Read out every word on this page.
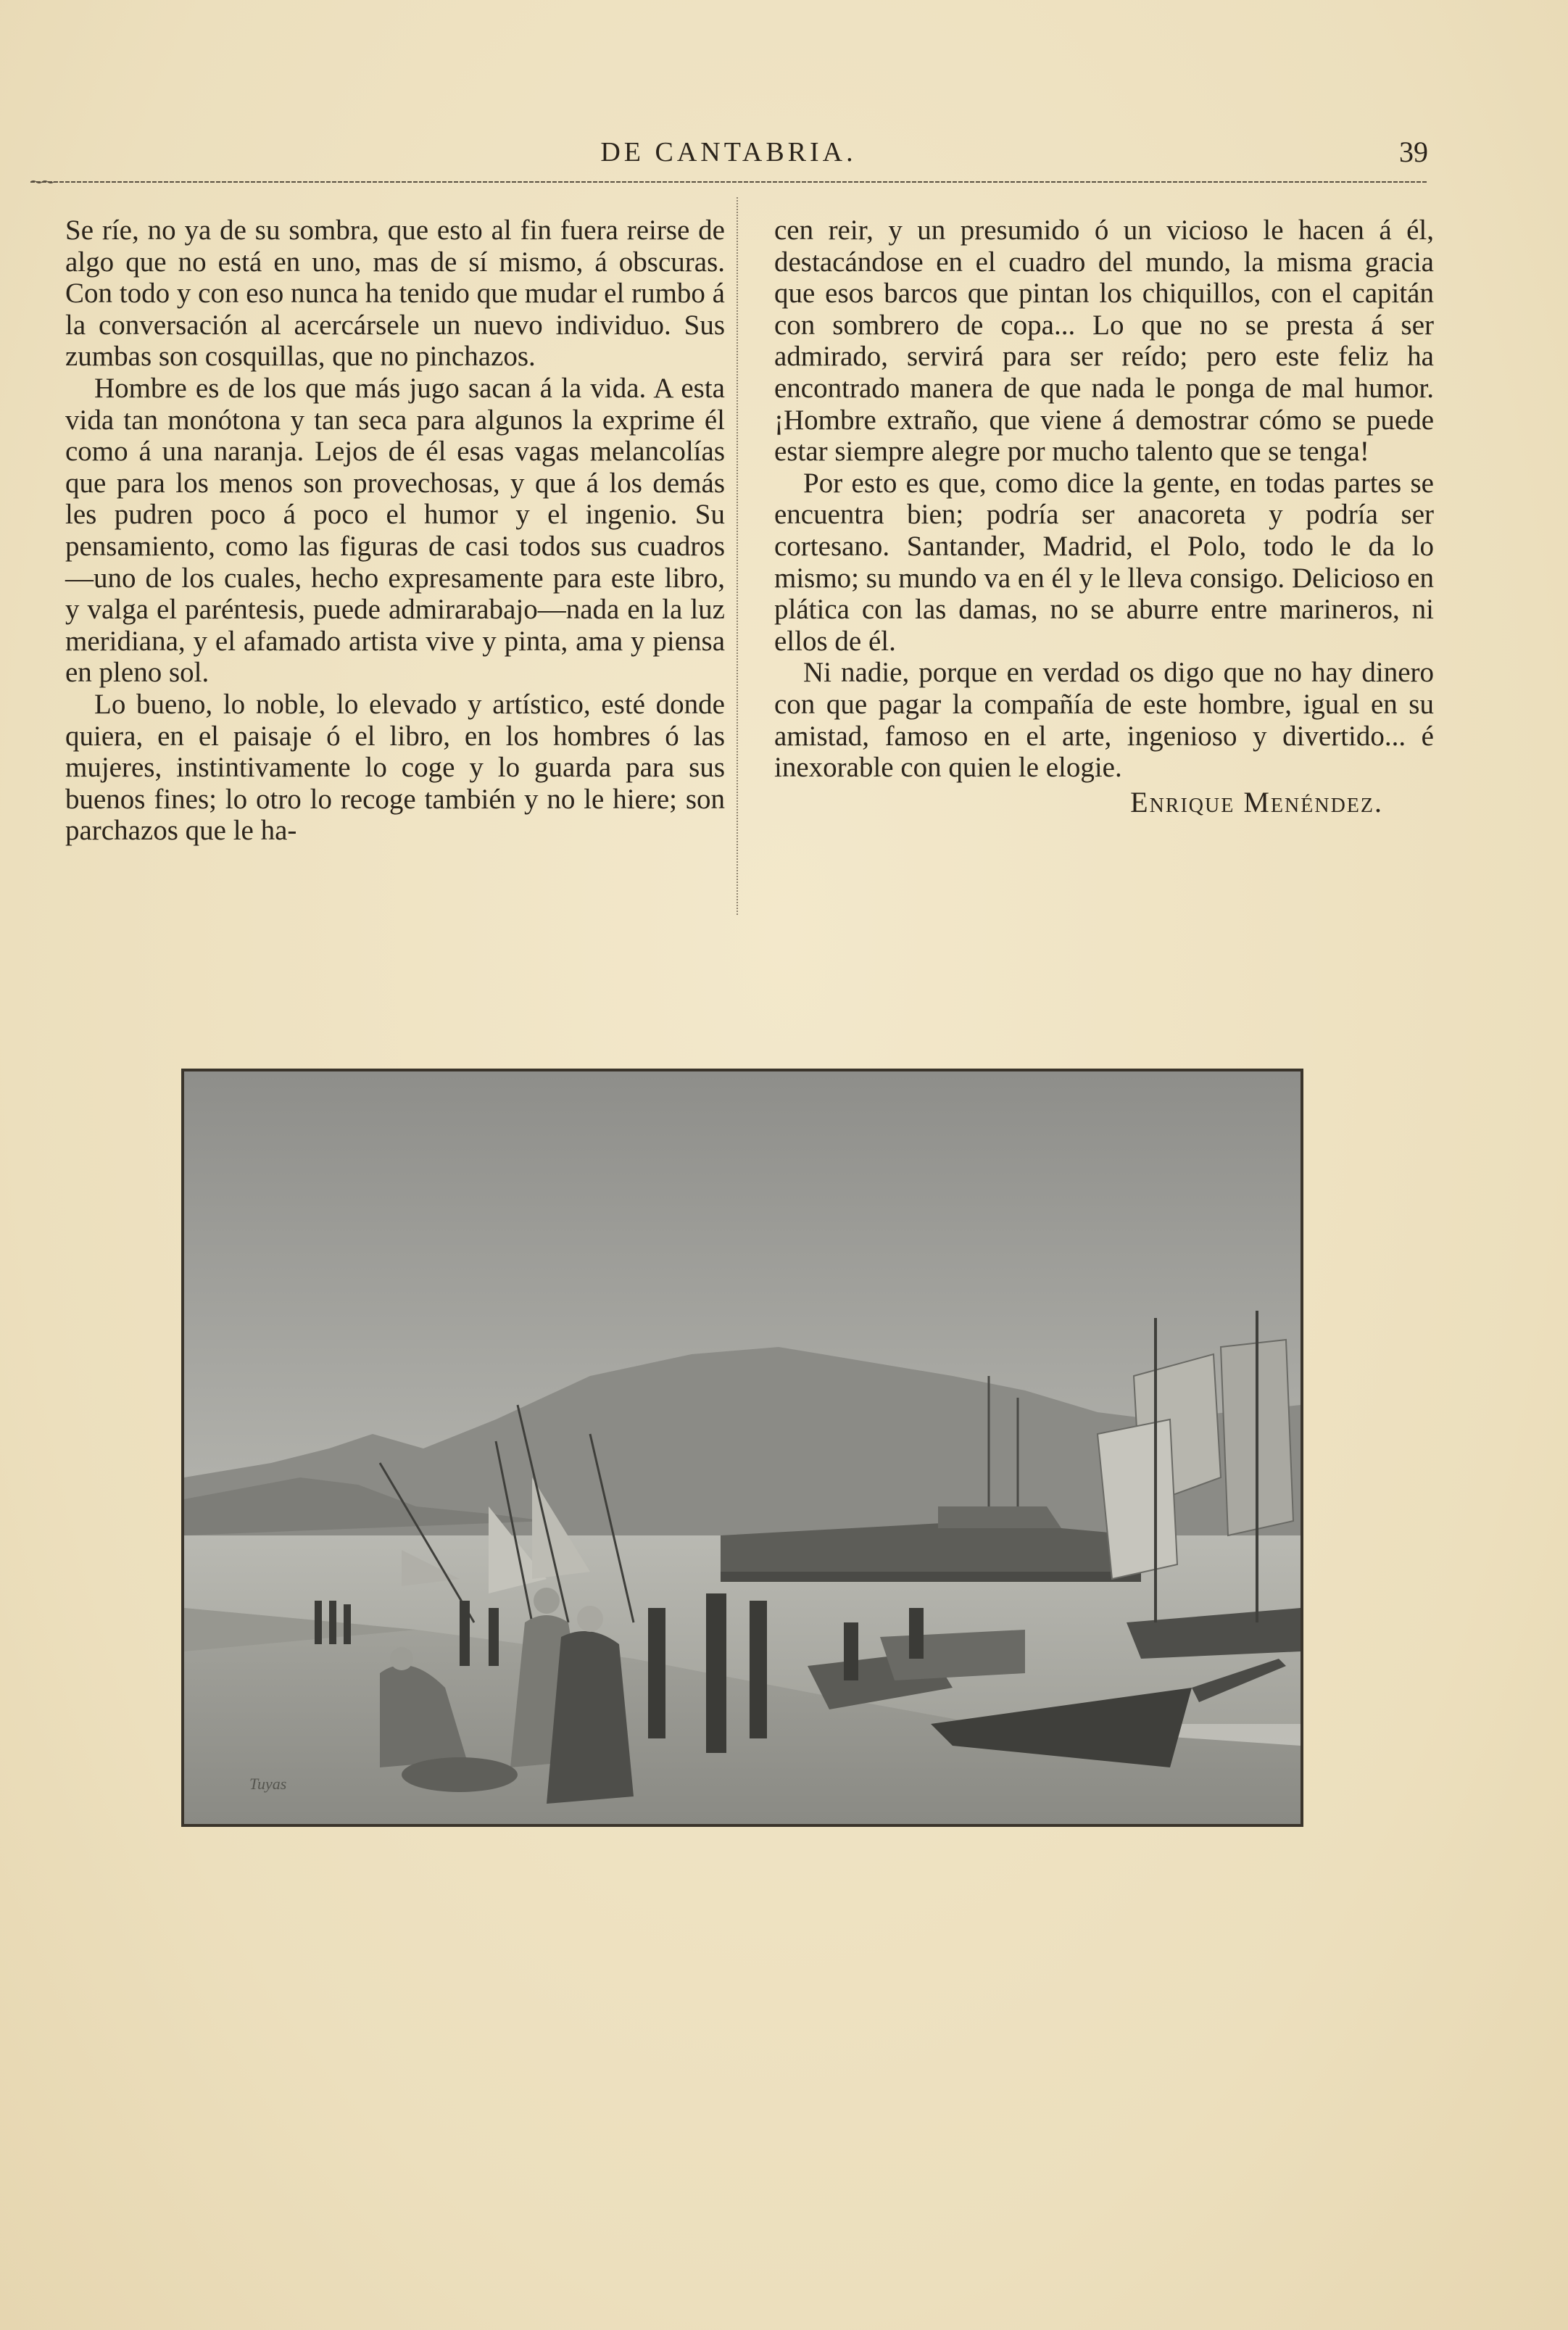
DE CANTABRIA.	39

Se ríe, no ya de su sombra, que esto al fin fuera reirse de algo que no está en uno, mas de sí mismo, á obscuras. Con todo y con eso nunca ha tenido que mudar el rumbo á la conversación al acercársele un nuevo individuo. Sus zumbas son cosquillas, que no pinchazos.

Hombre es de los que más jugo sacan á la vida. A esta vida tan monótona y tan seca para algunos la exprime él como á una naranja. Lejos de él esas vagas melancolías que para los menos son provechosas, y que á los demás les pudren poco á poco el humor y el ingenio. Su pensamiento, como las figuras de casi todos sus cuadros—uno de los cuales, hecho expresamente para este libro, y valga el paréntesis, puede admirarabajo—nada en la luz meridiana, y el afamado artista vive y pinta, ama y piensa en pleno sol.

Lo bueno, lo noble, lo elevado y artístico, esté donde quiera, en el paisaje ó el libro, en los hombres ó las mujeres, instintivamente lo coge y lo guarda para sus buenos fines; lo otro lo recoge también y no le hiere; son parchazos que le ha-

cen reir, y un presumido ó un vicioso le hacen á él, destacándose en el cuadro del mundo, la misma gracia que esos barcos que pintan los chiquillos, con el capitán con sombrero de copa... Lo que no se presta á ser admirado, servirá para ser reído; pero este feliz ha encontrado manera de que nada le ponga de mal humor. ¡Hombre extraño, que viene á demostrar cómo se puede estar siempre alegre por mucho talento que se tenga!

Por esto es que, como dice la gente, en todas partes se encuentra bien; podría ser anacoreta y podría ser cortesano. Santander, Madrid, el Polo, todo le da lo mismo; su mundo va en él y le lleva consigo. Delicioso en plática con las damas, no se aburre entre marineros, ni ellos de él.

Ni nadie, porque en verdad os digo que no hay dinero con que pagar la compañía de este hombre, igual en su amistad, famoso en el arte, ingenioso y divertido... é inexorable con quien le elogie.

Enrique Menéndez.
Tuyas
